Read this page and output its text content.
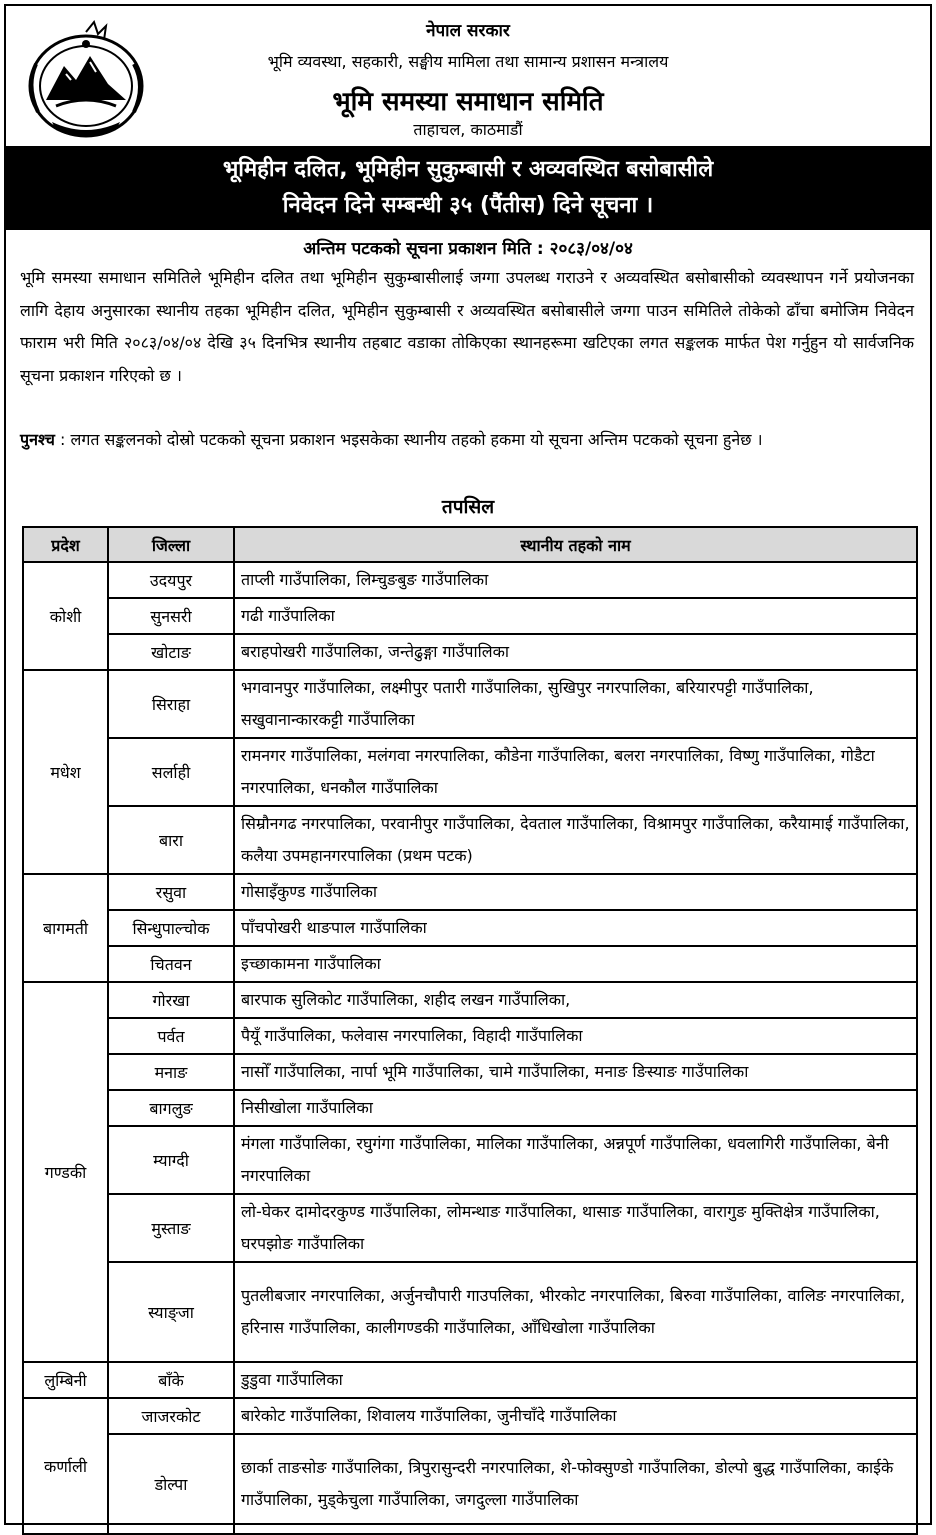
नेपाल सरकार
भूमि व्यवस्था, सहकारी, सङ्घीय मामिला तथा सामान्य प्रशासन मन्त्रालय
भूमि समस्या समाधान समिति
ताहाचल, काठमाडौं
भूमिहीन दलित, भूमिहीन सुकुम्बासी र अव्यवस्थित बसोबासीले
निवेदन दिने सम्बन्धी ३५ (पैंतीस) दिने सूचना ।
अन्तिम पटकको सूचना प्रकाशन मिति : २०८३/०४/०४
भूमि समस्या समाधान समितिले भूमिहीन दलित तथा भूमिहीन सुकुम्बासीलाई जग्गा उपलब्ध गराउने र अव्यवस्थित बसोबासीको व्यवस्थापन गर्ने प्रयोजनका लागि देहाय अनुसारका स्थानीय तहका भूमिहीन दलित, भूमिहीन सुकुम्बासी र अव्यवस्थित बसोबासीले जग्गा पाउन समितिले तोकेको ढाँचा बमोजिम निवेदन फाराम भरी मिति २०८३/०४/०४ देखि ३५ दिनभित्र स्थानीय तहबाट वडाका तोकिएका स्थानहरूमा खटिएका लगत सङ्कलक मार्फत पेश गर्नुहुन यो सार्वजनिक सूचना प्रकाशन गरिएको छ ।
पुनश्च : लगत सङ्कलनको दोस्रो पटकको सूचना प्रकाशन भइसकेका स्थानीय तहको हकमा यो सूचना अन्तिम पटकको सूचना हुनेछ ।
तपसिल
प्रदेश	जिल्ला	स्थानीय तहको नाम
कोशी	उदयपुर	ताप्ली गाउँपालिका, लिम्चुङबुङ गाउँपालिका
	सुनसरी	गढी गाउँपालिका
	खोटाङ	बराहपोखरी गाउँपालिका, जन्तेढुङ्गा गाउँपालिका
मधेश	सिराहा	भगवानपुर गाउँपालिका, लक्ष्मीपुर पतारी गाउँपालिका, सुखिपुर नगरपालिका, बरियारपट्टी गाउँपालिका, सखुवानान्कारकट्टी गाउँपालिका
	सर्लाही	रामनगर गाउँपालिका, मलंगवा नगरपालिका, कौडेना गाउँपालिका, बलरा नगरपालिका, विष्णु गाउँपालिका, गोडैटा नगरपालिका, धनकौल गाउँपालिका
	बारा	सिम्रौनगढ नगरपालिका, परवानीपुर गाउँपालिका, देवताल गाउँपालिका, विश्रामपुर गाउँपालिका, करैयामाई गाउँपालिका, कलैया उपमहानगरपालिका (प्रथम पटक)
बागमती	रसुवा	गोसाइँकुण्ड गाउँपालिका
	सिन्धुपाल्चोक	पाँचपोखरी थाङपाल गाउँपालिका
	चितवन	इच्छाकामना गाउँपालिका
गण्डकी	गोरखा	बारपाक सुलिकोट गाउँपालिका, शहीद लखन गाउँपालिका,
	पर्वत	पैयूँ गाउँपालिका, फलेवास नगरपालिका, विहादी गाउँपालिका
	मनाङ	नासोँ गाउँपालिका, नार्पा भूमि गाउँपालिका, चामे गाउँपालिका, मनाङ ङिस्याङ गाउँपालिका
	बागलुङ	निसीखोला गाउँपालिका
	म्याग्दी	मंगला गाउँपालिका, रघुगंगा गाउँपालिका, मालिका गाउँपालिका, अन्नपूर्ण गाउँपालिका, धवलागिरी गाउँपालिका, बेनी नगरपालिका
	मुस्ताङ	लो-घेकर दामोदरकुण्ड गाउँपालिका, लोमन्थाङ गाउँपालिका, थासाङ गाउँपालिका, वारागुङ मुक्तिक्षेत्र गाउँपालिका, घरपझोङ गाउँपालिका
	स्याङ्जा	पुतलीबजार नगरपालिका, अर्जुनचौपारी गाउपलिका, भीरकोट नगरपालिका, बिरुवा गाउँपालिका, वालिङ नगरपालिका, हरिनास गाउँपालिका, कालीगण्डकी गाउँपालिका, आँधिखोला गाउँपालिका
लुम्बिनी	बाँके	डुडुवा गाउँपालिका
कर्णाली	जाजरकोट	बारेकोट गाउँपालिका, शिवालय गाउँपालिका, जुनीचाँदे गाउँपालिका
	डोल्पा	छार्का ताङसोङ गाउँपालिका, त्रिपुरासुन्दरी नगरपालिका, शे-फोक्सुण्डो गाउँपालिका, डोल्पो बुद्ध गाउँपालिका, काईके गाउँपालिका, मुड्केचुला गाउँपालिका, जगदुल्ला गाउँपालिका
